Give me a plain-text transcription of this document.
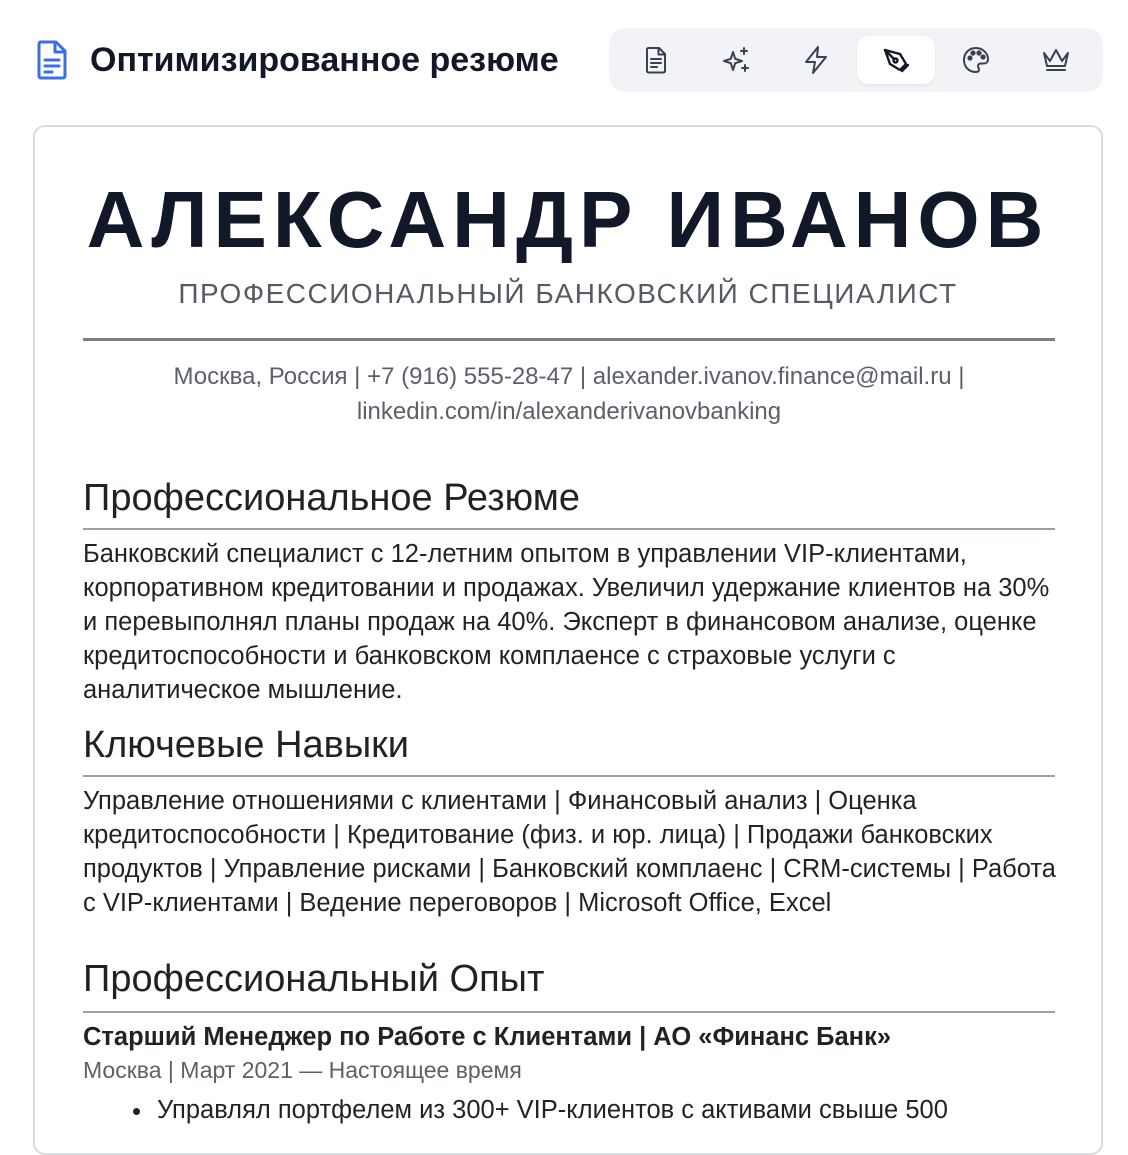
Оптимизированное резюме
АЛЕКСАНДР ИВАНОВ
ПРОФЕССИОНАЛЬНЫЙ БАНКОВСКИЙ СПЕЦИАЛИСТ
Москва, Россия | +7 (916) 555-28-47 | alexander.ivanov.finance@mail.ru | linkedin.com/in/alexanderivanovbanking
Профессиональное Резюме
Банковский специалист с 12-летним опытом в управлении VIP-клиентами, корпоративном кредитовании и продажах. Увеличил удержание клиентов на 30% и перевыполнял планы продаж на 40%. Эксперт в финансовом анализе, оценке кредитоспособности и банковском комплаенсе с страховые услуги с аналитическое мышление.
Ключевые Навыки
Управление отношениями с клиентами | Финансовый анализ | Оценка кредитоспособности | Кредитование (физ. и юр. лица) | Продажи банковских продуктов | Управление рисками | Банковский комплаенс | CRM-системы | Работа с VIP-клиентами | Ведение переговоров | Microsoft Office, Excel
Профессиональный Опыт
Старший Менеджер по Работе с Клиентами | АО «Финанс Банк»
Москва | Март 2021 — Настоящее время
Управлял портфелем из 300+ VIP-клиентов с активами свыше 500
